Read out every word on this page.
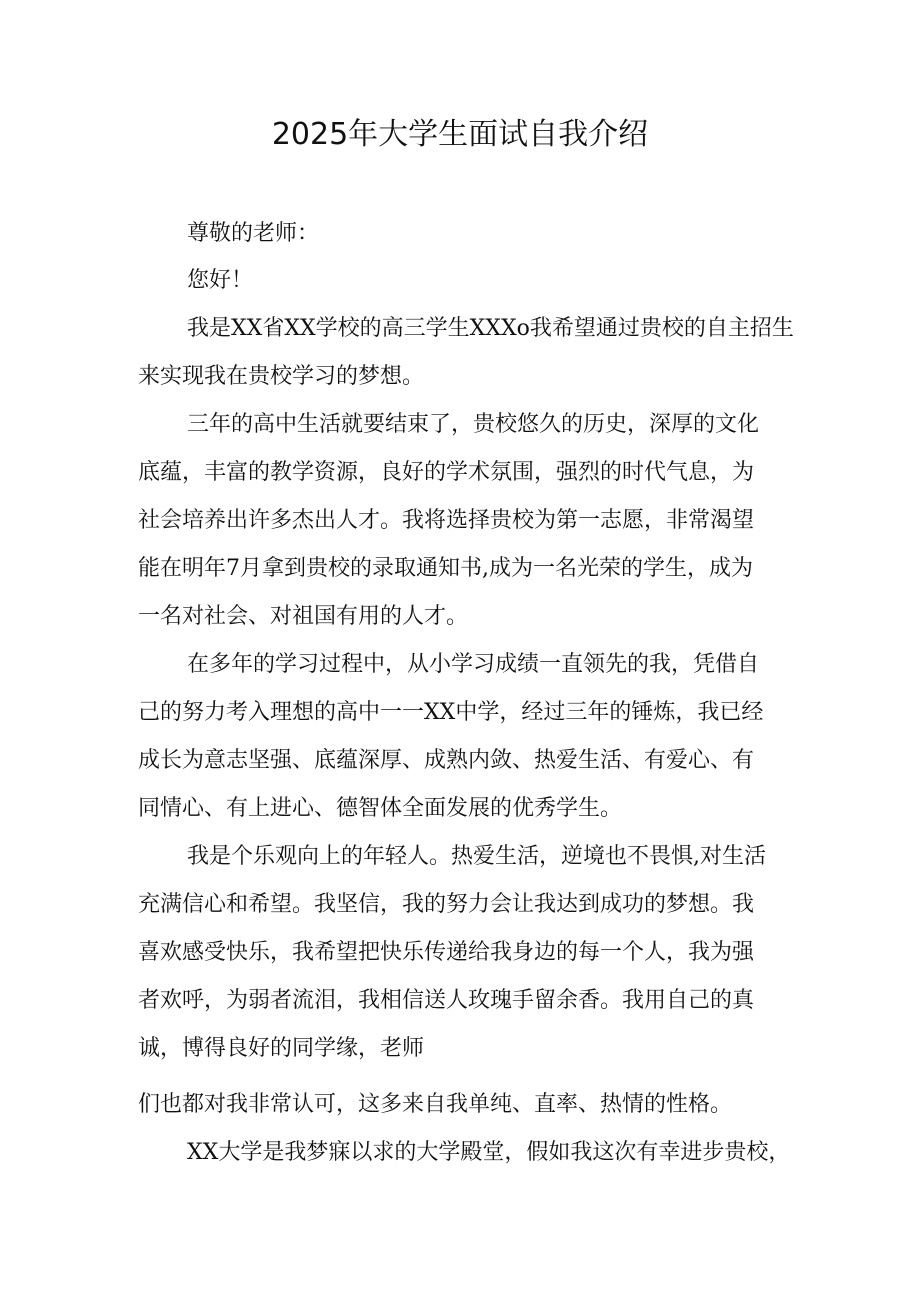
2025年大学生面试自我介绍

尊敬的老师：

您好！

我是XX省XX学校的高三学生XXXo我希望通过贵校的自主招生

来实现我在贵校学习的梦想。

三年的高中生活就要结束了，贵校悠久的历史，深厚的文化

底蕴，丰富的教学资源，良好的学术氛围，强烈的时代气息，为

社会培养出许多杰出人才。我将选择贵校为第一志愿，非常渴望

能在明年7月拿到贵校的录取通知书,成为一名光荣的学生，成为

一名对社会、对祖国有用的人才。

在多年的学习过程中，从小学习成绩一直领先的我，凭借自

己的努力考入理想的高中一一XX中学，经过三年的锤炼，我已经

成长为意志坚强、底蕴深厚、成熟内敛、热爱生活、有爱心、有

同情心、有上进心、德智体全面发展的优秀学生。

我是个乐观向上的年轻人。热爱生活，逆境也不畏惧,对生活

充满信心和希望。我坚信，我的努力会让我达到成功的梦想。我

喜欢感受快乐，我希望把快乐传递给我身边的每一个人，我为强

者欢呼，为弱者流泪，我相信送人玫瑰手留余香。我用自己的真

诚，博得良好的同学缘，老师

们也都对我非常认可，这多来自我单纯、直率、热情的性格。

XX大学是我梦寐以求的大学殿堂，假如我这次有幸进步贵校，
